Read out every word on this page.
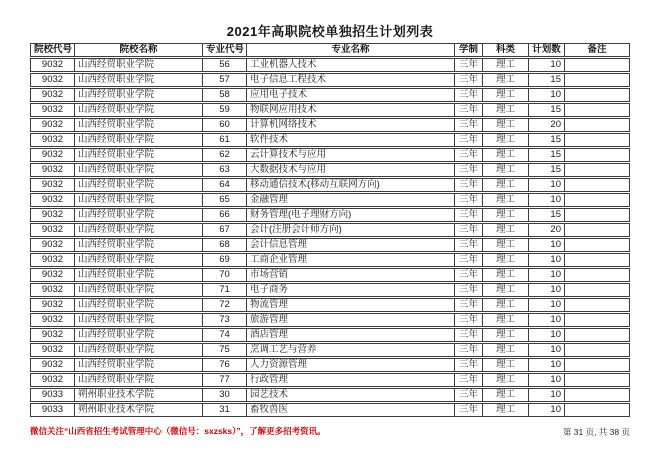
2021年高职院校单独招生计划列表
院校代号	院校名称	专业代号	专业名称	学制	科类	计划数	备注
9032	山西经贸职业学院	56	工业机器人技术	三年	理工	10	
9032	山西经贸职业学院	57	电子信息工程技术	三年	理工	15	
9032	山西经贸职业学院	58	应用电子技术	三年	理工	10	
9032	山西经贸职业学院	59	物联网应用技术	三年	理工	15	
9032	山西经贸职业学院	60	计算机网络技术	三年	理工	20	
9032	山西经贸职业学院	61	软件技术	三年	理工	15	
9032	山西经贸职业学院	62	云计算技术与应用	三年	理工	15	
9032	山西经贸职业学院	63	大数据技术与应用	三年	理工	15	
9032	山西经贸职业学院	64	移动通信技术(移动互联网方向)	三年	理工	10	
9032	山西经贸职业学院	65	金融管理	三年	理工	10	
9032	山西经贸职业学院	66	财务管理(电子理财方向)	三年	理工	15	
9032	山西经贸职业学院	67	会计(注册会计师方向)	三年	理工	20	
9032	山西经贸职业学院	68	会计信息管理	三年	理工	10	
9032	山西经贸职业学院	69	工商企业管理	三年	理工	10	
9032	山西经贸职业学院	70	市场营销	三年	理工	10	
9032	山西经贸职业学院	71	电子商务	三年	理工	10	
9032	山西经贸职业学院	72	物流管理	三年	理工	10	
9032	山西经贸职业学院	73	旅游管理	三年	理工	10	
9032	山西经贸职业学院	74	酒店管理	三年	理工	10	
9032	山西经贸职业学院	75	烹调工艺与营养	三年	理工	10	
9032	山西经贸职业学院	76	人力资源管理	三年	理工	10	
9032	山西经贸职业学院	77	行政管理	三年	理工	10	
9033	朔州职业技术学院	30	园艺技术	三年	理工	10	
9033	朔州职业技术学院	31	畜牧兽医	三年	理工	10	
微信关注“山西省招生考试管理中心（微信号：sxzsks）”，了解更多招考资讯。	第 31 页, 共 38 页
